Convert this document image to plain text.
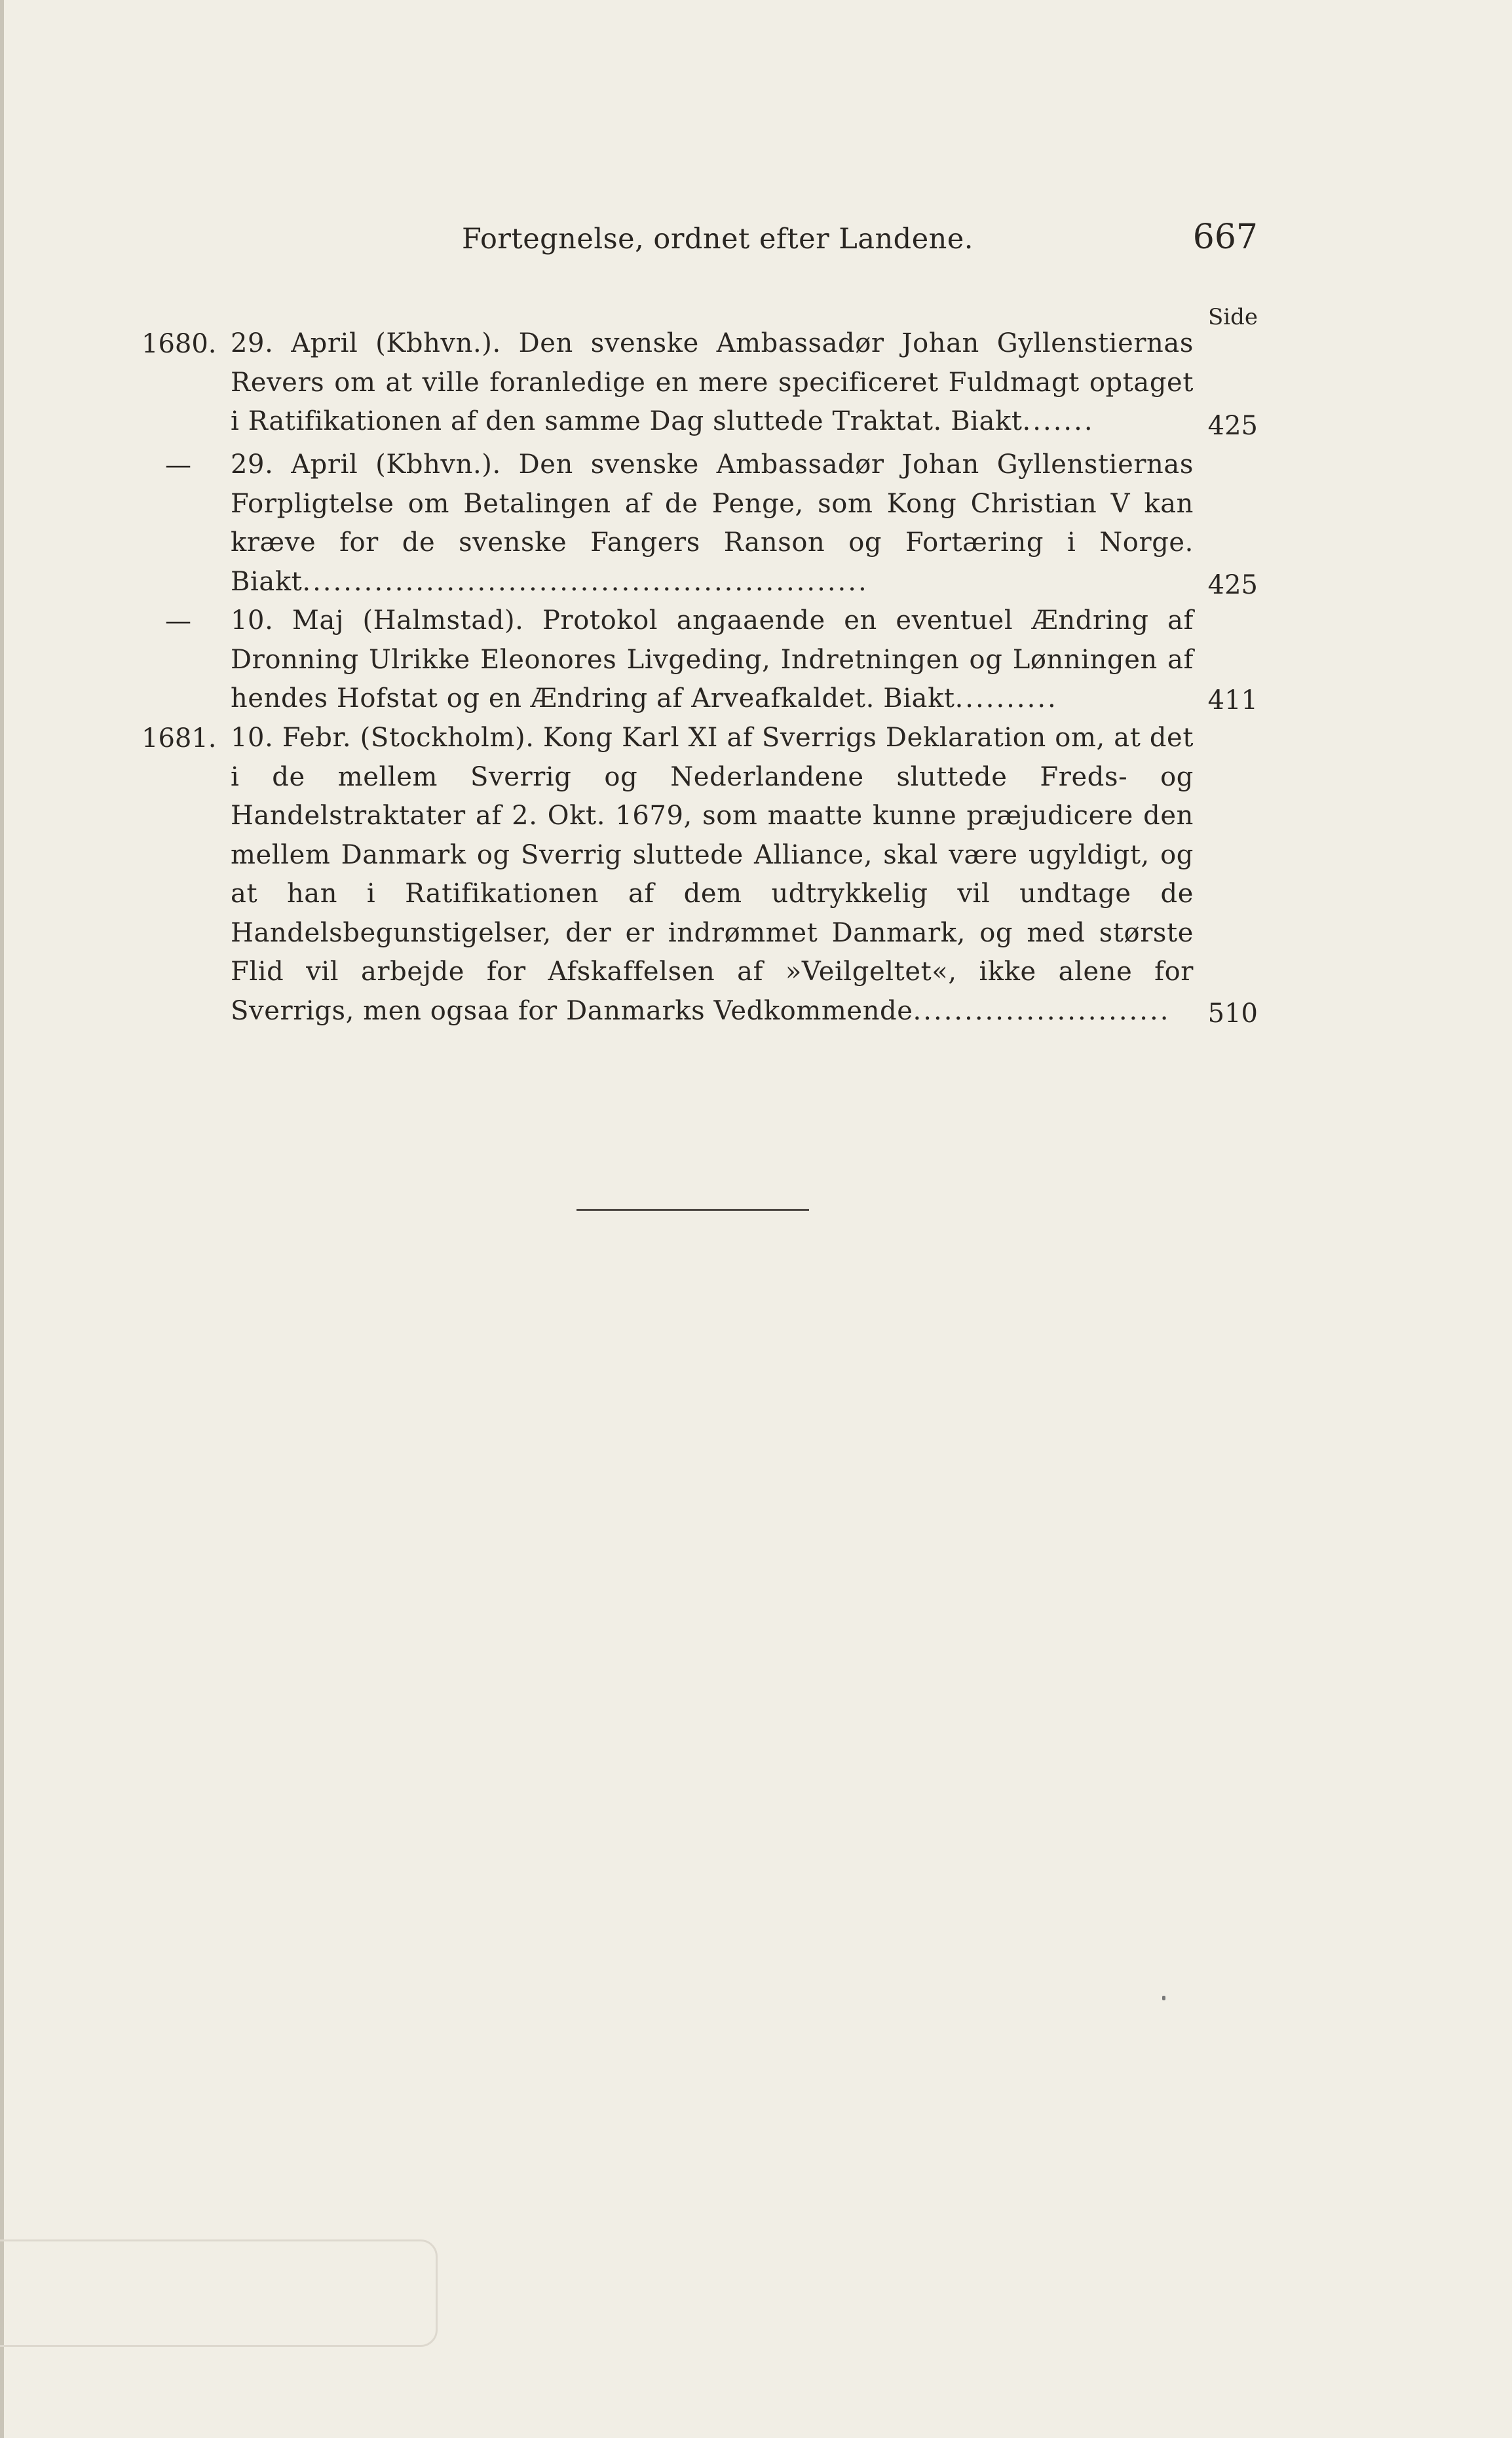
Fortegnelse, ordnet efter Landene.	667
Side
1680. 29. April (Kbhvn.). Den svenske Ambassadør Johan Gyllenstiernas Revers om at ville foranledige en mere specificeret Fuldmagt optaget i Ratifikationen af den samme Dag sluttede Traktat. Biakt.......	425
—	29. April (Kbhvn.). Den svenske Ambassadør Johan Gyllenstiernas Forpligtelse om Betalingen af de Penge, som Kong Christian V kan kræve for de svenske Fangers Ranson og Fortæring i Norge. Biakt.......................................................	425
—	10. Maj (Halmstad). Protokol angaaende en eventuel Ændring af Dronning Ulrikke Eleonores Livgeding, Indretningen og Lønningen af hendes Hofstat og en Ændring af Arveafkaldet. Biakt..........	411
1681. 10. Febr. (Stockholm). Kong Karl XI af Sverrigs Deklaration om, at det i de mellem Sverrig og Nederlandene sluttede Freds- og Handelstraktater af 2. Okt. 1679, som maatte kunne præjudicere den mellem Danmark og Sverrig sluttede Alliance, skal være ugyldigt, og at han i Ratifikationen af dem udtrykkelig vil undtage de Handelsbegunstigelser, der er indrømmet Danmark, og med største Flid vil arbejde for Afskaffelsen af »Veilgeltet«, ikke alene for Sverrigs, men ogsaa for Danmarks Vedkommende.........................	510
